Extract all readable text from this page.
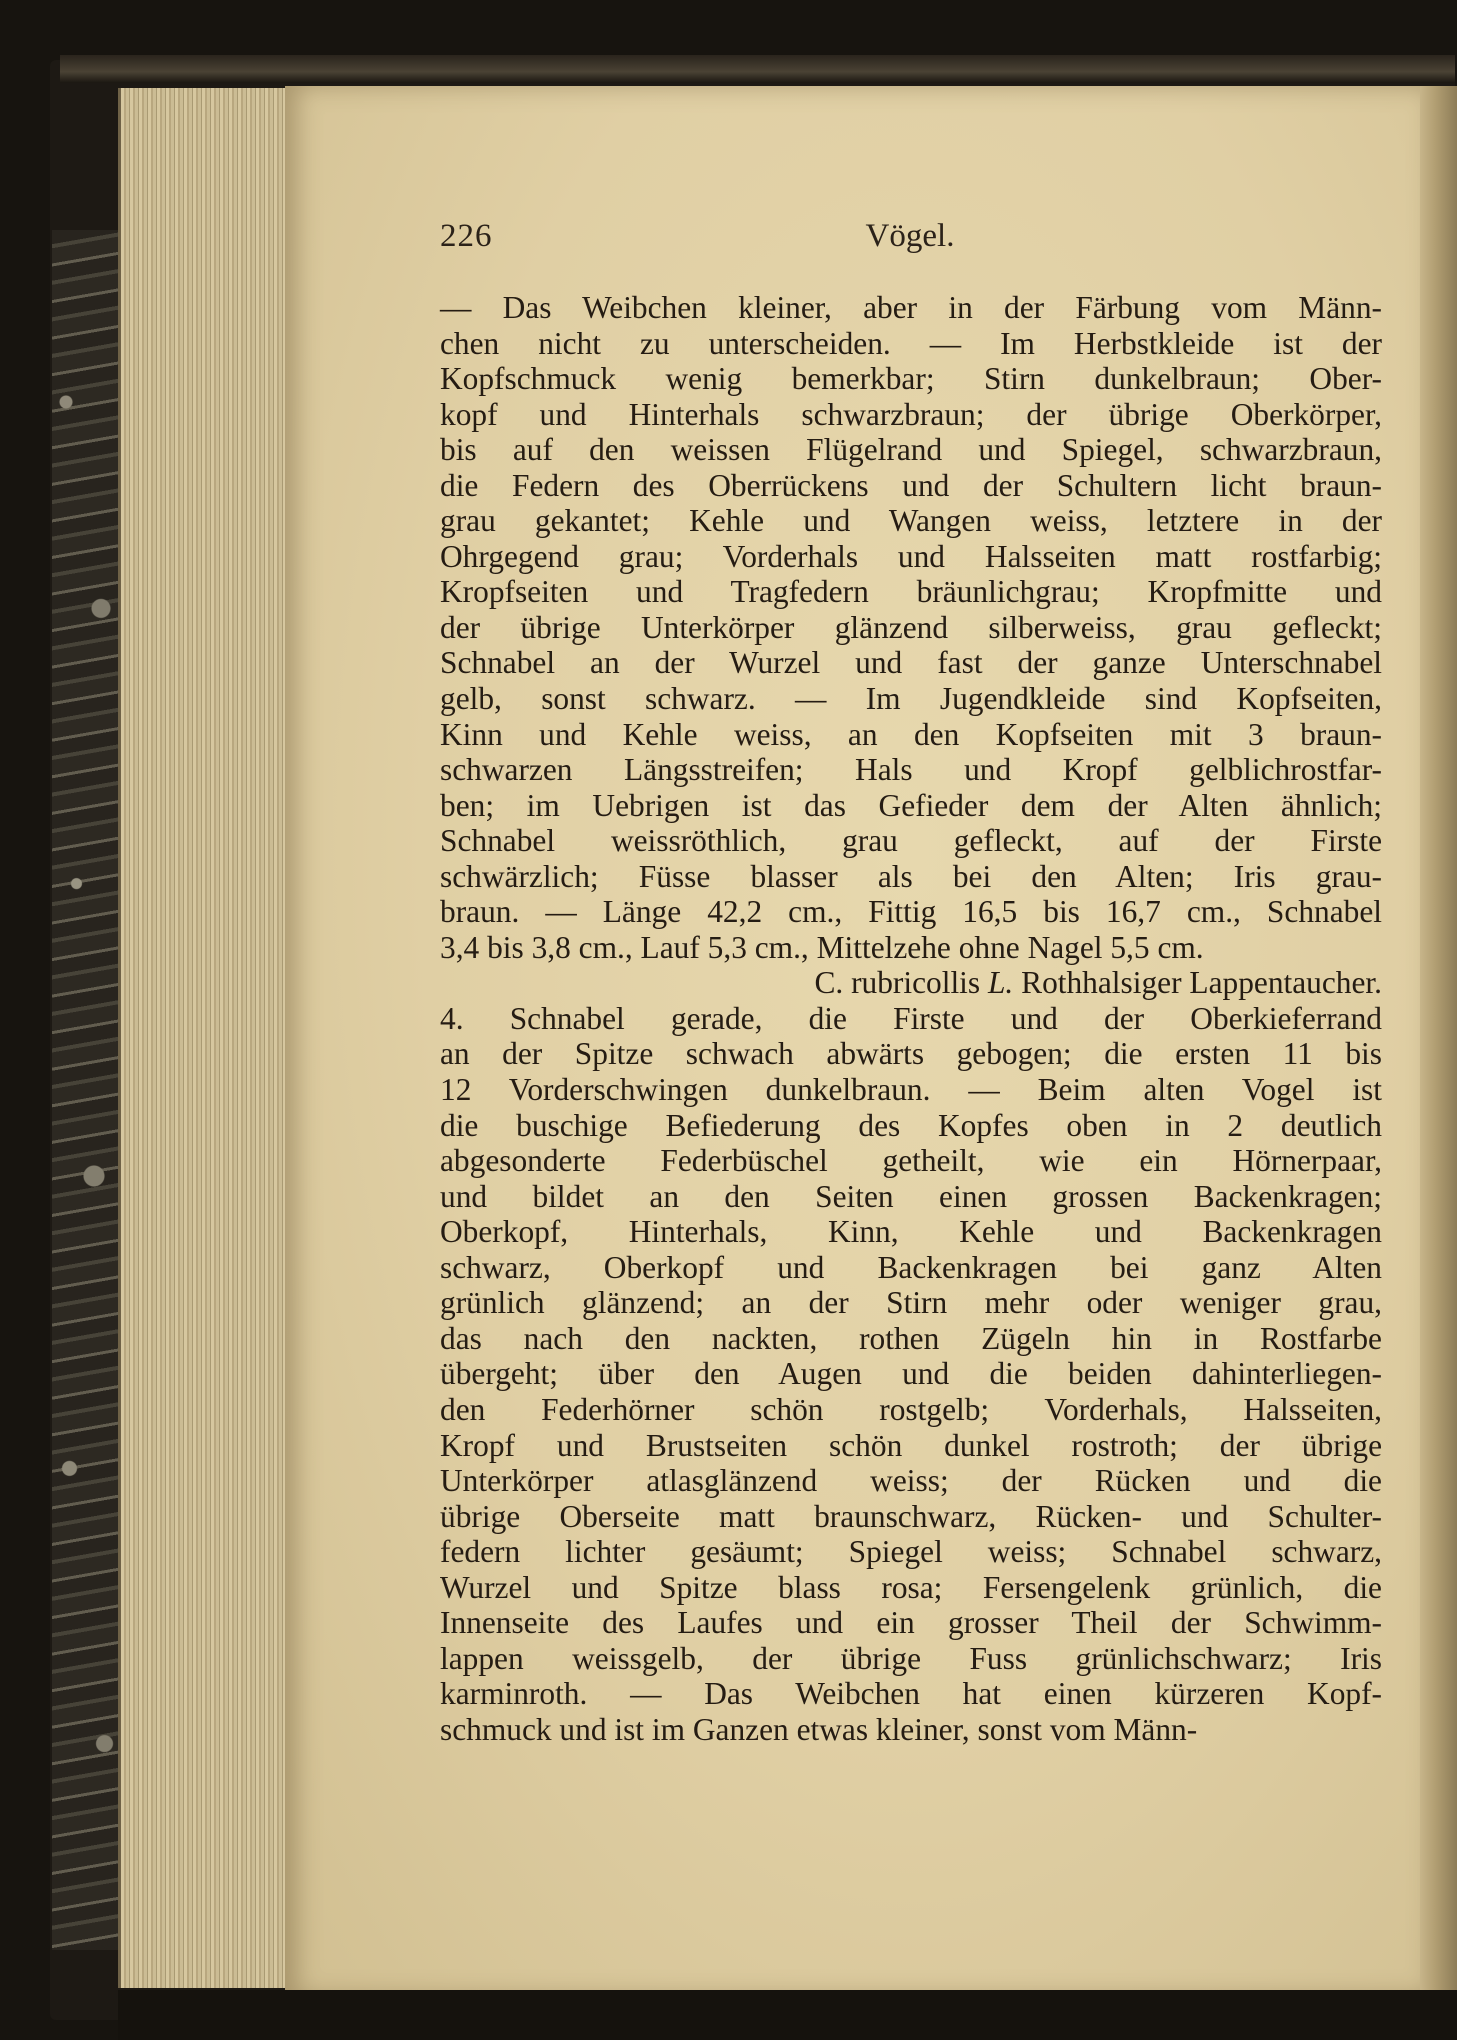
226	Vögel.
— Das Weibchen kleiner, aber in der Färbung vom Männ-
chen nicht zu unterscheiden. — Im Herbstkleide ist der
Kopfschmuck wenig bemerkbar; Stirn dunkelbraun; Ober-
kopf und Hinterhals schwarzbraun; der übrige Oberkörper,
bis auf den weissen Flügelrand und Spiegel, schwarzbraun,
die Federn des Oberrückens und der Schultern licht braun-
grau gekantet; Kehle und Wangen weiss, letztere in der
Ohrgegend grau; Vorderhals und Halsseiten matt rostfarbig;
Kropfseiten und Tragfedern bräunlichgrau; Kropfmitte und
der übrige Unterkörper glänzend silberweiss, grau gefleckt;
Schnabel an der Wurzel und fast der ganze Unterschnabel
gelb, sonst schwarz. — Im Jugendkleide sind Kopfseiten,
Kinn und Kehle weiss, an den Kopfseiten mit 3 braun-
schwarzen Längsstreifen; Hals und Kropf gelblichrostfar-
ben; im Uebrigen ist das Gefieder dem der Alten ähnlich;
Schnabel weissröthlich, grau gefleckt, auf der Firste
schwärzlich; Füsse blasser als bei den Alten; Iris grau-
braun. — Länge 42,2 cm., Fittig 16,5 bis 16,7 cm., Schnabel
3,4 bis 3,8 cm., Lauf 5,3 cm., Mittelzehe ohne Nagel 5,5 cm.
C. rubricollis L. Rothhalsiger Lappentaucher.
4. Schnabel gerade, die Firste und der Oberkieferrand
an der Spitze schwach abwärts gebogen; die ersten 11 bis
12 Vorderschwingen dunkelbraun. — Beim alten Vogel ist
die buschige Befiederung des Kopfes oben in 2 deutlich
abgesonderte Federbüschel getheilt, wie ein Hörnerpaar,
und bildet an den Seiten einen grossen Backenkragen;
Oberkopf, Hinterhals, Kinn, Kehle und Backenkragen
schwarz, Oberkopf und Backenkragen bei ganz Alten
grünlich glänzend; an der Stirn mehr oder weniger grau,
das nach den nackten, rothen Zügeln hin in Rostfarbe
übergeht; über den Augen und die beiden dahinterliegen-
den Federhörner schön rostgelb; Vorderhals, Halsseiten,
Kropf und Brustseiten schön dunkel rostroth; der übrige
Unterkörper atlasglänzend weiss; der Rücken und die
übrige Oberseite matt braunschwarz, Rücken- und Schulter-
federn lichter gesäumt; Spiegel weiss; Schnabel schwarz,
Wurzel und Spitze blass rosa; Fersengelenk grünlich, die
Innenseite des Laufes und ein grosser Theil der Schwimm-
lappen weissgelb, der übrige Fuss grünlichschwarz; Iris
karminroth. — Das Weibchen hat einen kürzeren Kopf-
schmuck und ist im Ganzen etwas kleiner, sonst vom Männ-
